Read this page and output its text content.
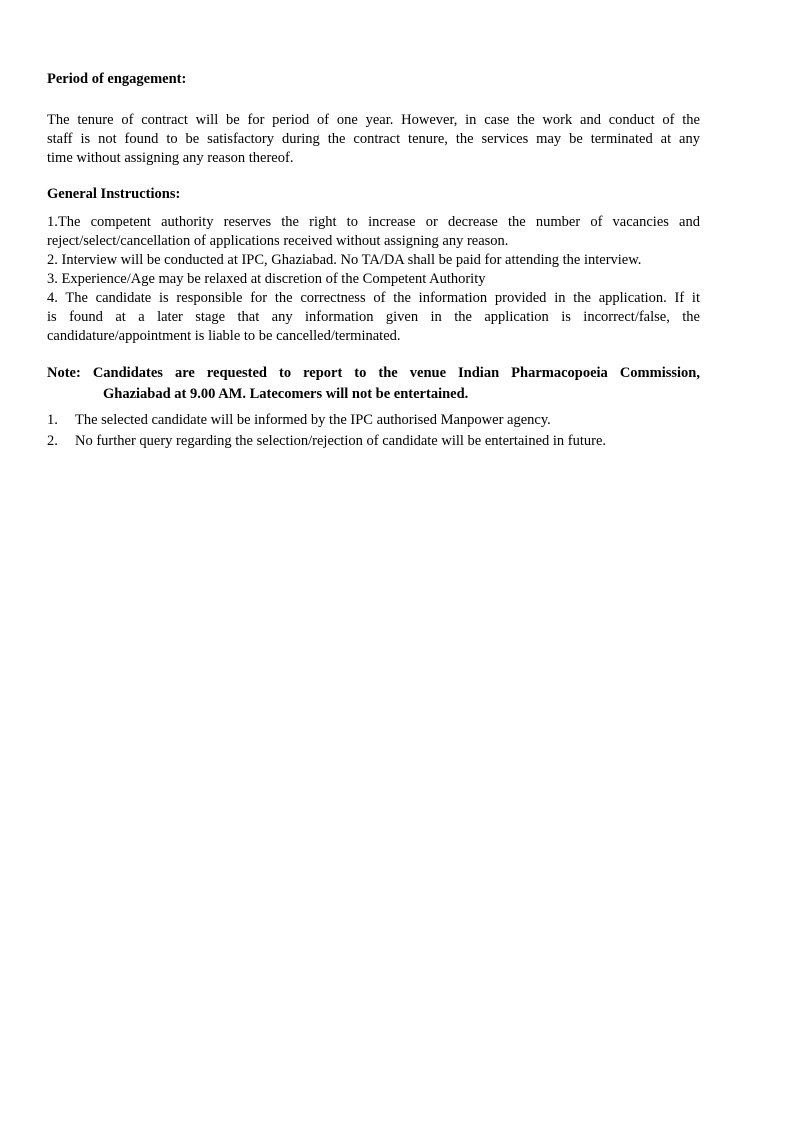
Period of engagement:

The tenure of contract will be for period of one year. However, in case the work and conduct of the
staff is not found to be satisfactory during the contract tenure, the services may be terminated at any
time without assigning any reason thereof.

General Instructions:

1.The competent authority reserves the right to increase or decrease the number of vacancies and
reject/select/cancellation of applications received without assigning any reason.

2. Interview will be conducted at IPC, Ghaziabad. No TA/DA shall be paid for attending the interview.

3. Experience/Age may be relaxed at discretion of the Competent Authority

4. The candidate is responsible for the correctness of the information provided in the application. If it
is found at a later stage that any information given in the application is incorrect/false, the
candidature/appointment is liable to be cancelled/terminated.

Note: Candidates are requested to report to the venue Indian Pharmacopoeia Commission,
Ghaziabad at 9.00 AM. Latecomers will not be entertained.

1.	The selected candidate will be informed by the IPC authorised Manpower agency.
2.	No further query regarding the selection/rejection of candidate will be entertained in future.
